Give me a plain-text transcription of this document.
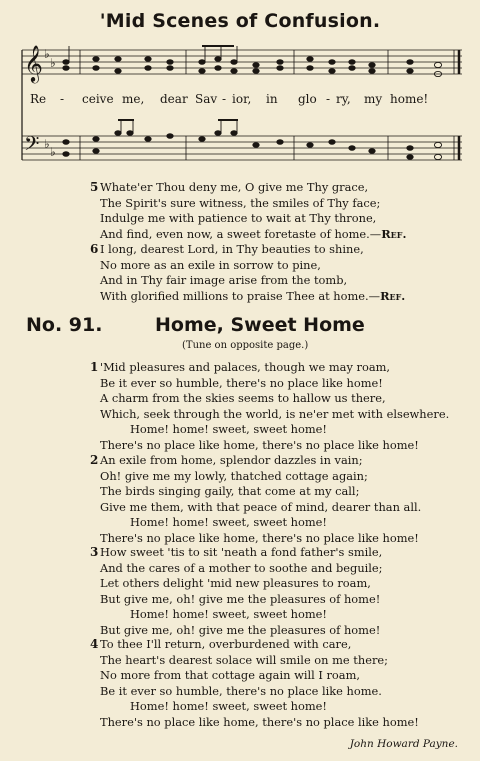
'Mid Scenes of Confusion.
𝄞
𝄢
♭
♭
♭
♭
Re - ceive me, dear Sav - ior, in glo - ry, my home!
5 Whate'er Thou deny me, O give me Thy grace,
The Spirit's sure witness, the smiles of Thy face;
Indulge me with patience to wait at Thy throne,
And find, even now, a sweet foretaste of home.—Ref.
6 I long, dearest Lord, in Thy beauties to shine,
No more as an exile in sorrow to pine,
And in Thy fair image arise from the tomb,
With glorified millions to praise Thee at home.—Ref.
No. 91.	Home, Sweet Home
(Tune on opposite page.)
1 'Mid pleasures and palaces, though we may roam,
Be it ever so humble, there's no place like home!
A charm from the skies seems to hallow us there,
Which, seek through the world, is ne'er met with elsewhere.
Home! home! sweet, sweet home!
There's no place like home, there's no place like home!
2 An exile from home, splendor dazzles in vain;
Oh! give me my lowly, thatched cottage again;
The birds singing gaily, that come at my call;
Give me them, with that peace of mind, dearer than all.
Home! home! sweet, sweet home!
There's no place like home, there's no place like home!
3 How sweet 'tis to sit 'neath a fond father's smile,
And the cares of a mother to soothe and beguile;
Let others delight 'mid new pleasures to roam,
But give me, oh! give me the pleasures of home!
Home! home! sweet, sweet home!
But give me, oh! give me the pleasures of home!
4 To thee I'll return, overburdened with care,
The heart's dearest solace will smile on me there;
No more from that cottage again will I roam,
Be it ever so humble, there's no place like home.
Home! home! sweet, sweet home!
There's no place like home, there's no place like home!
John Howard Payne.
